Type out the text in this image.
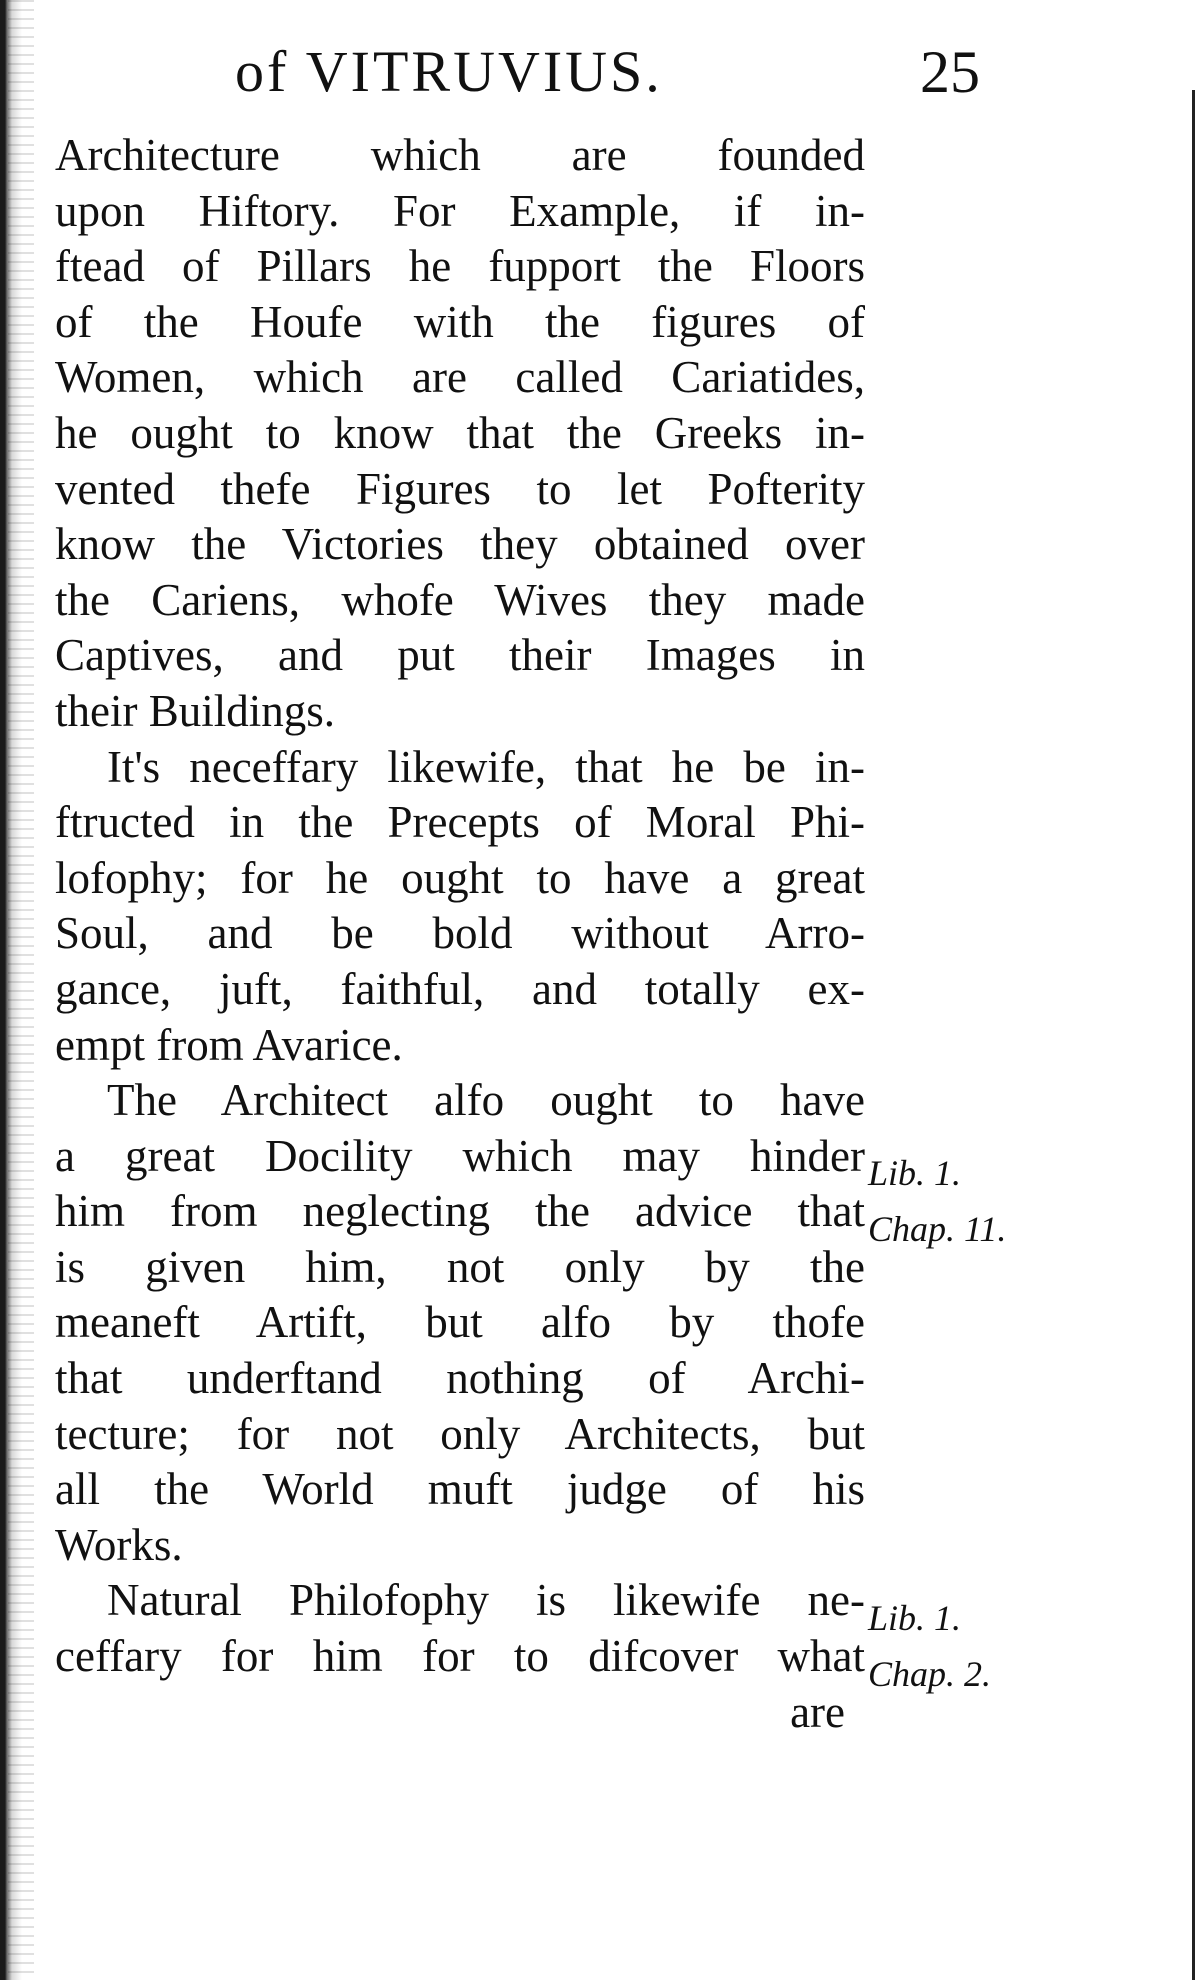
of VITRUVIUS.	25
Architecture which are founded
upon Hiftory. For Example, if in-
ftead of Pillars he fupport the Floors
of the Houfe with the figures of
Women, which are called Cariatides,
he ought to know that the Greeks in-
vented thefe Figures to let Pofterity
know the Victories they obtained over
the Cariens, whofe Wives they made
Captives, and put their Images in
their Buildings.
It's neceffary likewife, that he be in-
ftructed in the Precepts of Moral Phi-
lofophy; for he ought to have a great
Soul, and be bold without Arro-
gance, juft, faithful, and totally ex-
empt from Avarice.
The Architect alfo ought to have
a great Docility which may hinder
him from neglecting the advice that
is given him, not only by the
meaneft Artift, but alfo by thofe
that underftand nothing of Archi-
tecture; for not only Architects, but
all the World muft judge of his
Works.
Natural Philofophy is likewife ne-
ceffary for him for to difcover what
are
Lib. 1.
Chap. 11.
Lib. 1.
Chap. 2.
